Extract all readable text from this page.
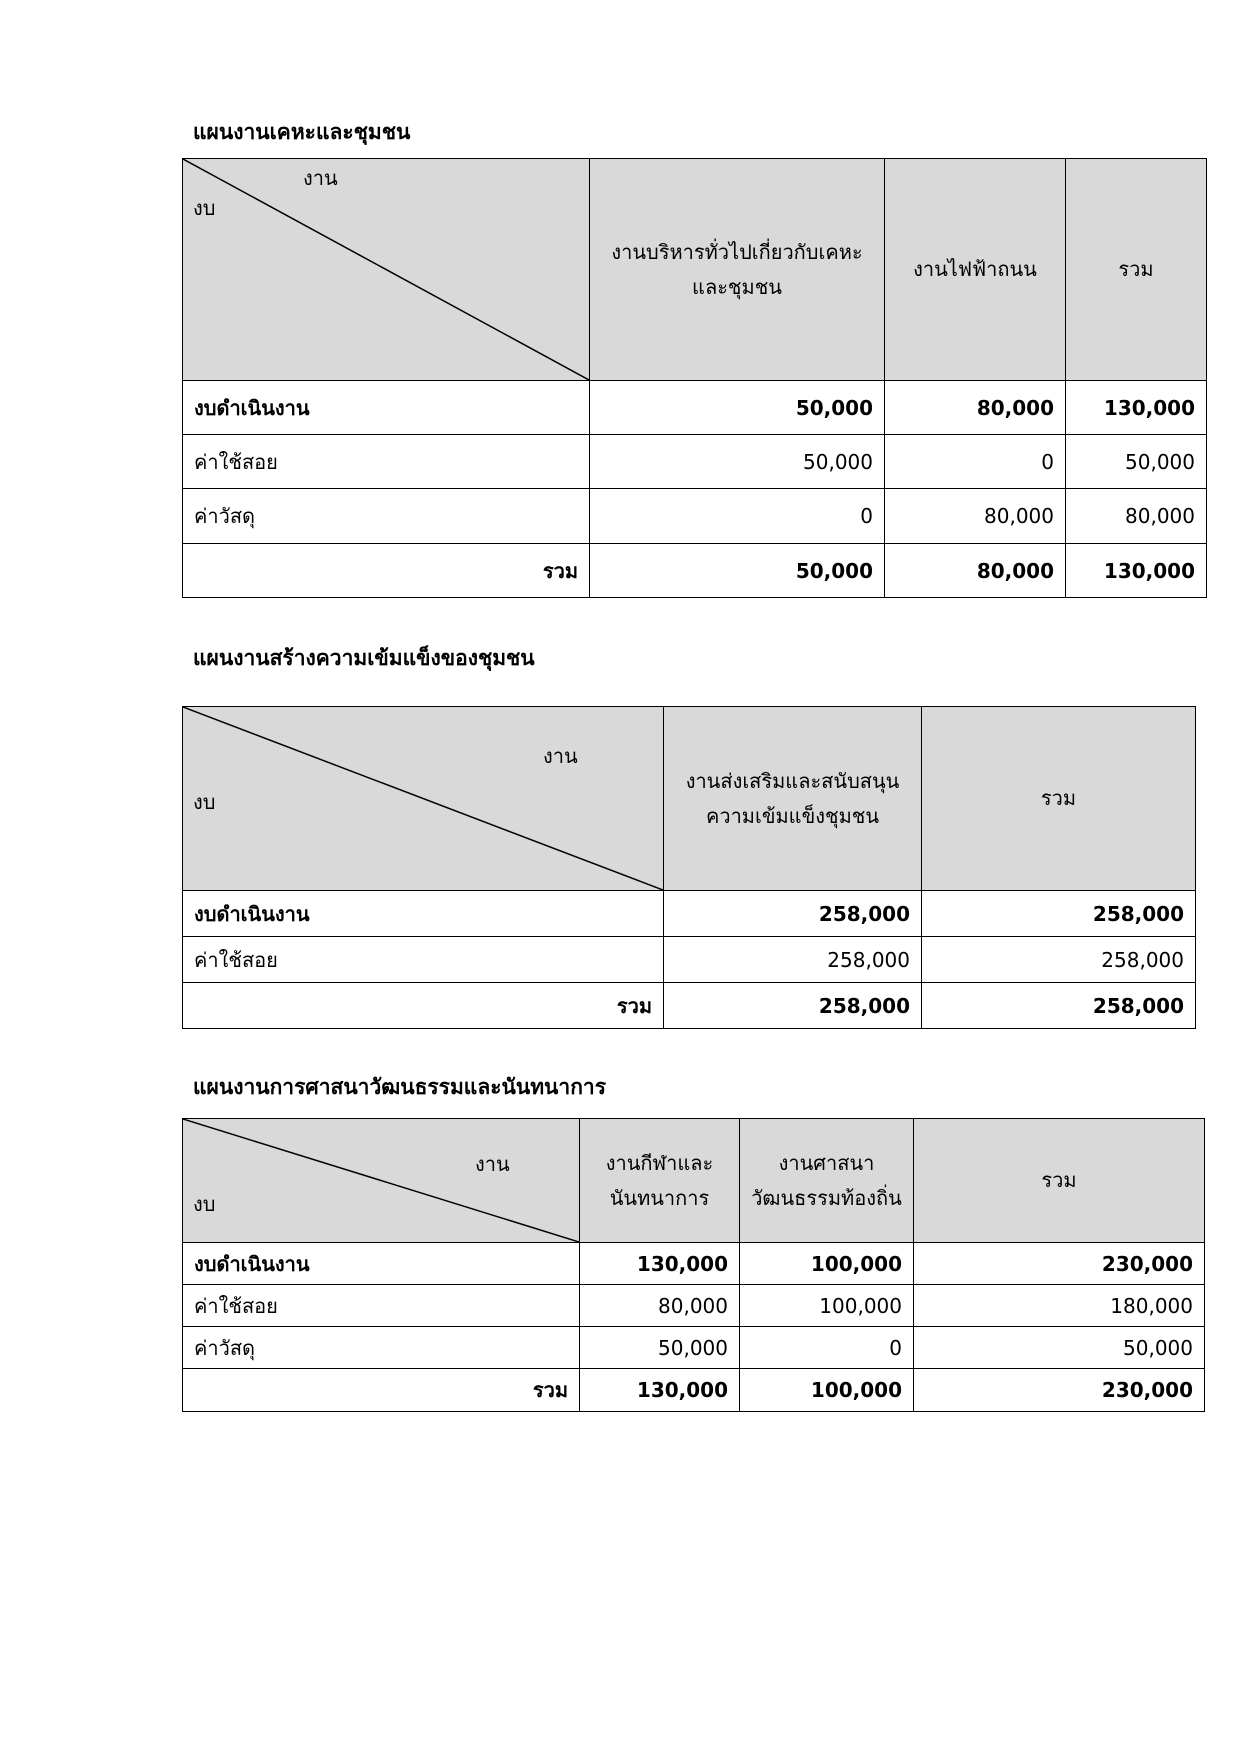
แผนงานเคหะและชุมชน
งาน
งบ	งานบริหารทั่วไปเกี่ยวกับเคหะและชุมชน	งานไฟฟ้าถนน	รวม
งบดำเนินงาน	50,000	80,000	130,000
ค่าใช้สอย	50,000	0	50,000
ค่าวัสดุ	0	80,000	80,000
รวม	50,000	80,000	130,000
แผนงานสร้างความเข้มแข็งของชุมชน
งาน
งบ	งานส่งเสริมและสนับสนุนความเข้มแข็งชุมชน	รวม
งบดำเนินงาน	258,000	258,000
ค่าใช้สอย	258,000	258,000
รวม	258,000	258,000
แผนงานการศาสนาวัฒนธรรมและนันทนาการ
งาน
งบ	งานกีฬาและนันทนาการ	งานศาสนาวัฒนธรรมท้องถิ่น	รวม
งบดำเนินงาน	130,000	100,000	230,000
ค่าใช้สอย	80,000	100,000	180,000
ค่าวัสดุ	50,000	0	50,000
รวม	130,000	100,000	230,000
